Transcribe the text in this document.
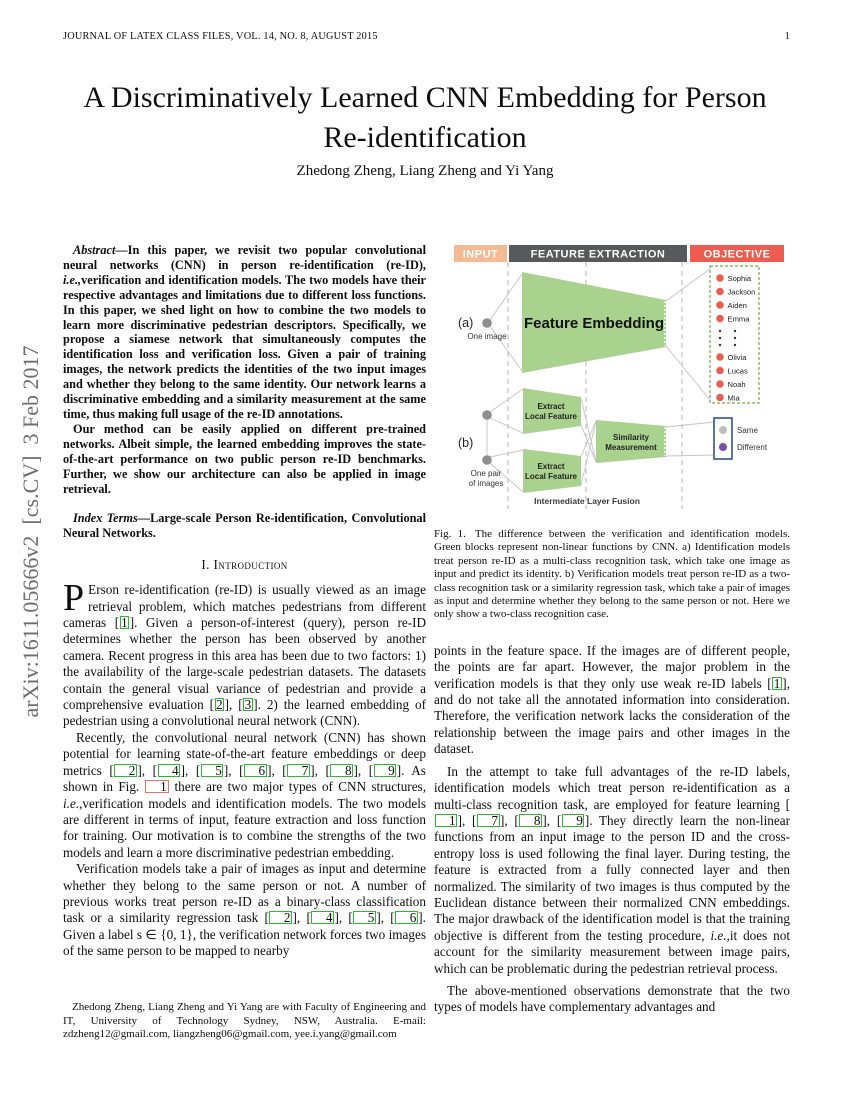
JOURNAL OF LATEX CLASS FILES, VOL. 14, NO. 8, AUGUST 2015	1
arXiv:1611.05666v2  [cs.CV]  3 Feb 2017
A Discriminatively Learned CNN Embedding for Person Re-identification
Zhedong Zheng, Liang Zheng and Yi Yang

Abstract—In this paper, we revisit two popular convolutional neural networks (CNN) in person re-identification (re-ID), i.e.,verification and identification models. The two models have their respective advantages and limitations due to different loss functions. In this paper, we shed light on how to combine the two models to learn more discriminative pedestrian descriptors. Specifically, we propose a siamese network that simultaneously computes the identification loss and verification loss. Given a pair of training images, the network predicts the identities of the two input images and whether they belong to the same identity. Our network learns a discriminative embedding and a similarity measurement at the same time, thus making full usage of the re-ID annotations.

Our method can be easily applied on different pre-trained networks. Albeit simple, the learned embedding improves the state-of-the-art performance on two public person re-ID benchmarks. Further, we show our architecture can also be applied in image retrieval.

Index Terms—Large-scale Person Re-identification, Convolutional Neural Networks.

I. Introduction

P Erson re-identification (re-ID) is usually viewed as an image retrieval problem, which matches pedestrians from different cameras [ 1 ]. Given a person-of-interest (query), person re-ID determines whether the person has been observed by another camera. Recent progress in this area has been due to two factors: 1) the availability of the large-scale pedestrian datasets. The datasets contain the general visual variance of pedestrian and provide a comprehensive evaluation [ 2 ], [ 3 ]. 2) the learned embedding of pedestrian using a convolutional neural network (CNN).

Recently, the convolutional neural network (CNN) has shown potential for learning state-of-the-art feature embeddings or deep metrics [ 2 ], [ 4 ], [ 5 ], [ 6 ], [ 7 ], [ 8 ], [ 9 ]. As shown in Fig. 1 there are two major types of CNN structures, i.e.,verification models and identification models. The two models are different in terms of input, feature extraction and loss function for training. Our motivation is to combine the strengths of the two models and learn a more discriminative pedestrian embedding.

Verification models take a pair of images as input and determine whether they belong to the same person or not. A number of previous works treat person re-ID as a binary-class classification task or a similarity regression task [ 2 ], [ 4 ], [ 5 ], [ 6 ]. Given a label s ∈ {0, 1}, the verification network forces two images of the same person to be mapped to nearby

Zhedong Zheng, Liang Zheng and Yi Yang are with Faculty of Engineering and IT, University of Technology Sydney, NSW, Australia. E-mail: zdzheng12@gmail.com, liangzheng06@gmail.com, yee.i.yang@gmail.com
INPUT	FEATURE EXTRACTION	OBJECTIVE
(a)
One image
Feature Embedding
Sophia
Jackson
Aiden
Emma
Olivia
Lucas
Noah
Mia
(b)
One pair
of images
Extract
Local Feature
Extract
Local Feature
Similarity
Measurement
Same
Different
Intermediate Layer Fusion

Fig. 1. The difference between the verification and identification models. Green blocks represent non-linear functions by CNN. a) Identification models treat person re-ID as a multi-class recognition task, which take one image as input and predict its identity. b) Verification models treat person re-ID as a two-class recognition task or a similarity regression task, which take a pair of images as input and determine whether they belong to the same person or not. Here we only show a two-class recognition case.

points in the feature space. If the images are of different people, the points are far apart. However, the major problem in the verification models is that they only use weak re-ID labels [ 1 ], and do not take all the annotated information into consideration. Therefore, the verification network lacks the consideration of the relationship between the image pairs and other images in the dataset.

In the attempt to take full advantages of the re-ID labels, identification models which treat person re-identification as a multi-class recognition task, are employed for feature learning [1 ], [ 7 ], [ 8 ], [ 9 ]. They directly learn the non-linear functions from an input image to the person ID and the cross-entropy loss is used following the final layer. During testing, the feature is extracted from a fully connected layer and then normalized. The similarity of two images is thus computed by the Euclidean distance between their normalized CNN embeddings. The major drawback of the identification model is that the training objective is different from the testing procedure, i.e.,it does not account for the similarity measurement between image pairs, which can be problematic during the pedestrian retrieval process.

The above-mentioned observations demonstrate that the two types of models have complementary advantages and
